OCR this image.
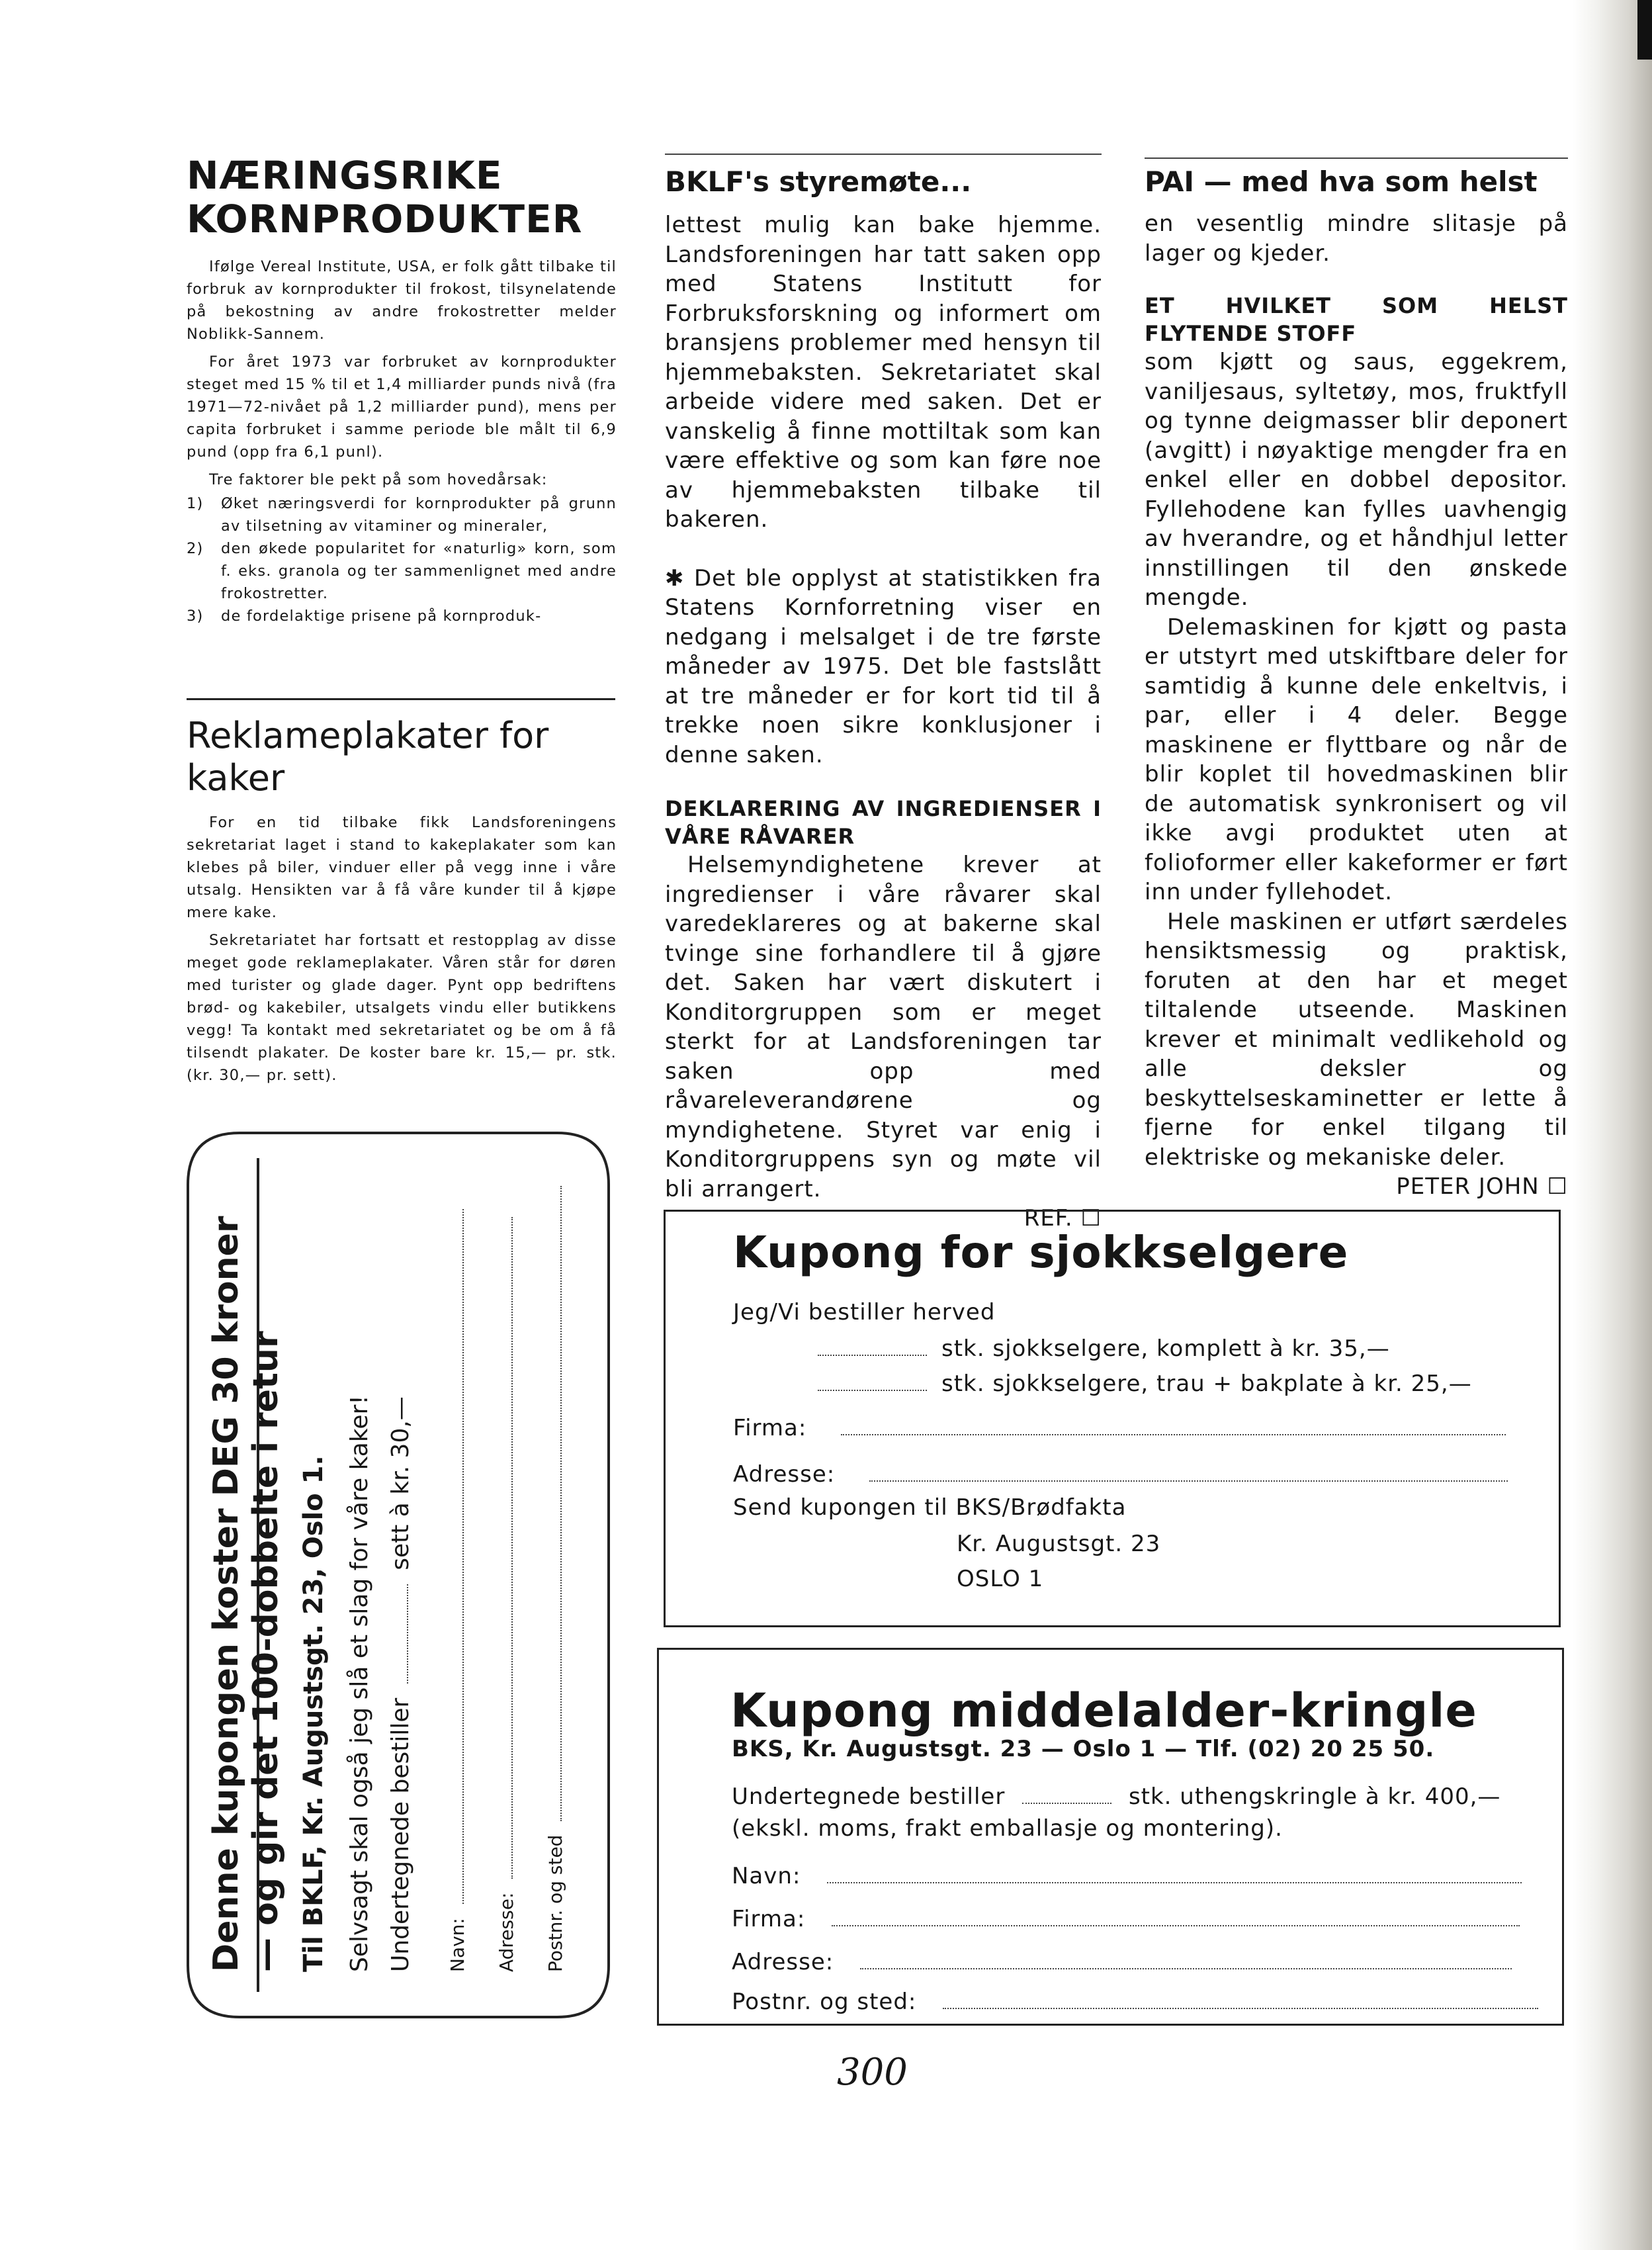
NÆRINGSRIKE
KORNPRODUKTER

Ifølge Vereal Institute, USA, er folk gått tilbake til forbruk av kornprodukter til frokost, tilsynelatende på bekostning av andre frokostretter melder Noblikk-Sannem.

For året 1973 var forbruket av kornprodukter steget med 15 % til et 1,4 milliarder punds nivå (fra 1971—72-nivået på 1,2 milliarder pund), mens per capita forbruket i samme periode ble målt til 6,9 pund (opp fra 6,1 punl).

Tre faktorer ble pekt på som hovedårsak:

1)	Øket næringsverdi for kornprodukter på grunn av tilsetning av vitaminer og mineraler,
2)	den økede popularitet for «naturlig» korn, som f. eks. granola og ter sammenlignet med andre frokostretter.
3)	de fordelaktige prisene på kornproduk-
Reklameplakater for kaker

For en tid tilbake fikk Landsforeningens sekretariat laget i stand to kakeplakater som kan klebes på biler, vinduer eller på vegg inne i våre utsalg. Hensikten var å få våre kunder til å kjøpe mere kake.

Sekretariatet har fortsatt et restopplag av disse meget gode reklameplakater. Våren står for døren med turister og glade dager. Pynt opp bedriftens brød- og kakebiler, utsalgets vindu eller butikkens vegg! Ta kontakt med sekretariatet og be om å få tilsendt plakater. De koster bare kr. 15,— pr. stk. (kr. 30,— pr. sett).

BKLF's styremøte...

lettest mulig kan bake hjemme. Landsforeningen har tatt saken opp med Statens Institutt for Forbruksforskning og informert om bransjens problemer med hensyn til hjemmebaksten. Sekretariatet skal arbeide videre med saken. Det er vanskelig å finne mottiltak som kan være effektive og som kan føre noe av hjemmebaksten tilbake til bakeren.

✱ Det ble opplyst at statistikken fra Statens Kornforretning viser en nedgang i melsalget i de tre første måneder av 1975. Det ble fastslått at tre måneder er for kort tid til å trekke noen sikre konklusjoner i denne saken.

DEKLARERING AV INGREDIENSER I VÅRE RÅVARER

Helsemyndighetene krever at ingredienser i våre råvarer skal varedeklareres og at bakerne skal tvinge sine forhandlere til å gjøre det. Saken har vært diskutert i Konditorgruppen som er meget sterkt for at Landsforeningen tar saken opp med råvareleverandørene og myndighetene. Styret var enig i Konditorgruppens syn og møte vil bli arrangert.

REF. ☐
PAI — med hva som helst

en vesentlig mindre slitasje på lager og kjeder.

ET HVILKET SOM HELST FLYTENDE STOFF

som kjøtt og saus, eggekrem, vaniljesaus, syltetøy, mos, fruktfyll og tynne deigmasser blir deponert (avgitt) i nøyaktige mengder fra en enkel eller en dobbel depositor. Fyllehodene kan fylles uavhengig av hverandre, og et håndhjul letter innstillingen til den ønskede mengde.

Delemaskinen for kjøtt og pasta er utstyrt med utskiftbare deler for samtidig å kunne dele enkeltvis, i par, eller i 4 deler. Begge maskinene er flyttbare og når de blir koplet til hovedmaskinen blir de automatisk synkronisert og vil ikke avgi produktet uten at folioformer eller kakeformer er ført inn under fyllehodet.

Hele maskinen er utført særdeles hensiktsmessig og praktisk, foruten at den har et meget tiltalende utseende. Maskinen krever et minimalt vedlikehold og alle deksler og beskyttelseskaminetter er lette å fjerne for enkel tilgang til elektriske og mekaniske deler.

PETER JOHN ☐
Denne kupongen koster DEG 30 kroner — og gir det 100-dobbelte i retur Til BKLF, Kr. Augustsgt. 23, Oslo 1. Selvsagt skal også jeg slå et slag for våre kaker! Undertegnede bestiller  sett à kr. 30,—
Navn: Adresse: Postnr. og sted
Kupong for sjokkselgere
Jeg/Vi bestiller herved
stk. sjokkselgere, komplett à kr. 35,—
stk. sjokkselgere, trau + bakplate à kr. 25,—
Firma:
Adresse:
Send kupongen til BKS/Brødfakta
Kr. Augustsgt. 23
OSLO 1
Kupong middelalder-kringle
BKS, Kr. Augustsgt. 23 — Oslo 1 — Tlf. (02) 20 25 50.
Undertegnede bestiller	stk. uthengskringle à kr. 400,—
(ekskl. moms, frakt emballasje og montering).
Navn:
Firma:
Adresse:
Postnr. og sted:
300
